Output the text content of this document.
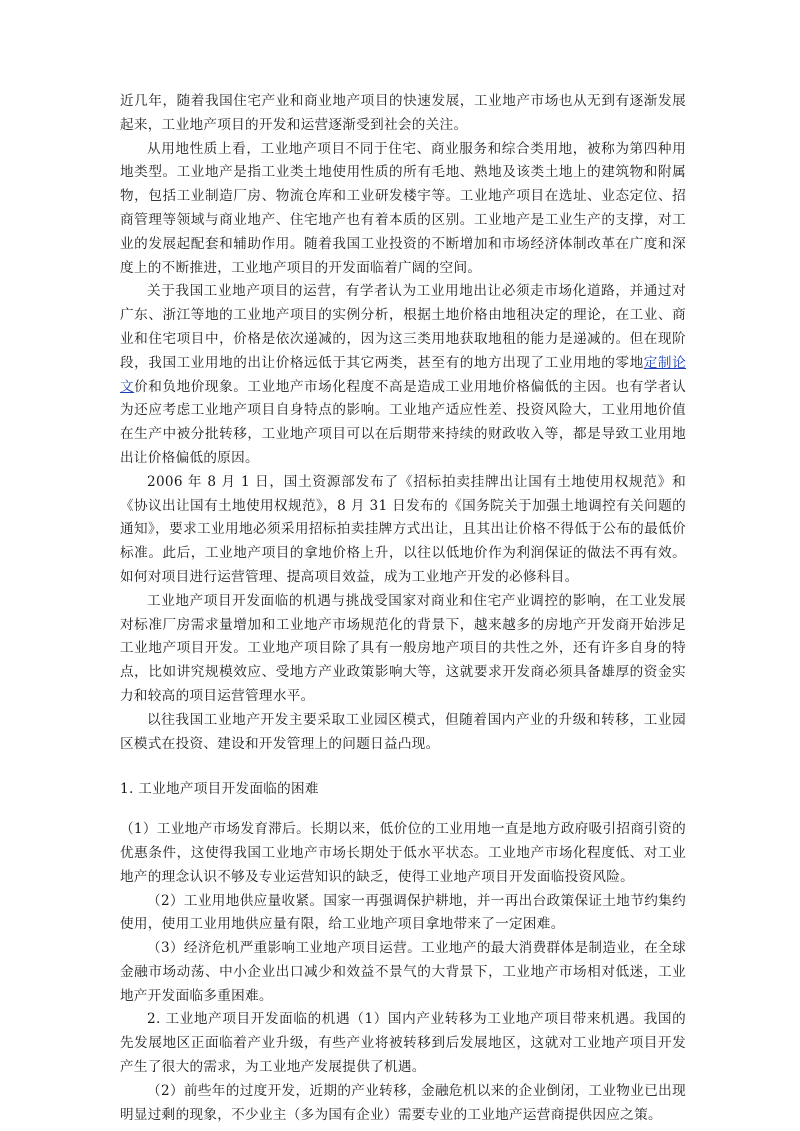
近几年，随着我国住宅产业和商业地产项目的快速发展，工业地产市场也从无到有逐渐发展起来，工业地产项目的开发和运营逐渐受到社会的关注。

从用地性质上看，工业地产项目不同于住宅、商业服务和综合类用地，被称为第四种用地类型。工业地产是指工业类土地使用性质的所有毛地、熟地及该类土地上的建筑物和附属物，包括工业制造厂房、物流仓库和工业研发楼宇等。工业地产项目在选址、业态定位、招商管理等领域与商业地产、住宅地产也有着本质的区别。工业地产是工业生产的支撑，对工业的发展起配套和辅助作用。随着我国工业投资的不断增加和市场经济体制改革在广度和深度上的不断推进，工业地产项目的开发面临着广阔的空间。

关于我国工业地产项目的运营，有学者认为工业用地出让必须走市场化道路，并通过对广东、浙江等地的工业地产项目的实例分析，根据土地价格由地租决定的理论，在工业、商业和住宅项目中，价格是依次递减的，因为这三类用地获取地租的能力是递减的。但在现阶段，我国工业用地的出让价格远低于其它两类，甚至有的地方出现了工业用地的零地定制论文价和负地价现象。工业地产市场化程度不高是造成工业用地价格偏低的主因。也有学者认为还应考虑工业地产项目自身特点的影响。工业地产适应性差、投资风险大，工业用地价值在生产中被分批转移，工业地产项目可以在后期带来持续的财政收入等，都是导致工业用地出让价格偏低的原因。

2006 年 8 月 1 日，国土资源部发布了《招标拍卖挂牌出让国有土地使用权规范》和《协议出让国有土地使用权规范》，8 月 31 日发布的《国务院关于加强土地调控有关问题的通知》，要求工业用地必须采用招标拍卖挂牌方式出让，且其出让价格不得低于公布的最低价标准。此后，工业地产项目的拿地价格上升，以往以低地价作为利润保证的做法不再有效。如何对项目进行运营管理、提高项目效益，成为工业地产开发的必修科目。

工业地产项目开发面临的机遇与挑战受国家对商业和住宅产业调控的影响，在工业发展对标准厂房需求量增加和工业地产市场规范化的背景下，越来越多的房地产开发商开始涉足工业地产项目开发。工业地产项目除了具有一般房地产项目的共性之外，还有许多自身的特点，比如讲究规模效应、受地方产业政策影响大等，这就要求开发商必须具备雄厚的资金实力和较高的项目运营管理水平。

以往我国工业地产开发主要采取工业园区模式，但随着国内产业的升级和转移，工业园区模式在投资、建设和开发管理上的问题日益凸现。

1. 工业地产项目开发面临的困难

（1）工业地产市场发育滞后。长期以来，低价位的工业用地一直是地方政府吸引招商引资的优惠条件，这使得我国工业地产市场长期处于低水平状态。工业地产市场化程度低、对工业地产的理念认识不够及专业运营知识的缺乏，使得工业地产项目开发面临投资风险。

（2）工业用地供应量收紧。国家一再强调保护耕地，并一再出台政策保证土地节约集约使用，使用工业用地供应量有限，给工业地产项目拿地带来了一定困难。

（3）经济危机严重影响工业地产项目运营。工业地产的最大消费群体是制造业，在全球金融市场动荡、中小企业出口减少和效益不景气的大背景下，工业地产市场相对低迷，工业地产开发面临多重困难。

2. 工业地产项目开发面临的机遇（1）国内产业转移为工业地产项目带来机遇。我国的先发展地区正面临着产业升级，有些产业将被转移到后发展地区，这就对工业地产项目开发产生了很大的需求，为工业地产发展提供了机遇。

（2）前些年的过度开发，近期的产业转移，金融危机以来的企业倒闭，工业物业已出现明显过剩的现象，不少业主（多为国有企业）需要专业的工业地产运营商提供因应之策。
